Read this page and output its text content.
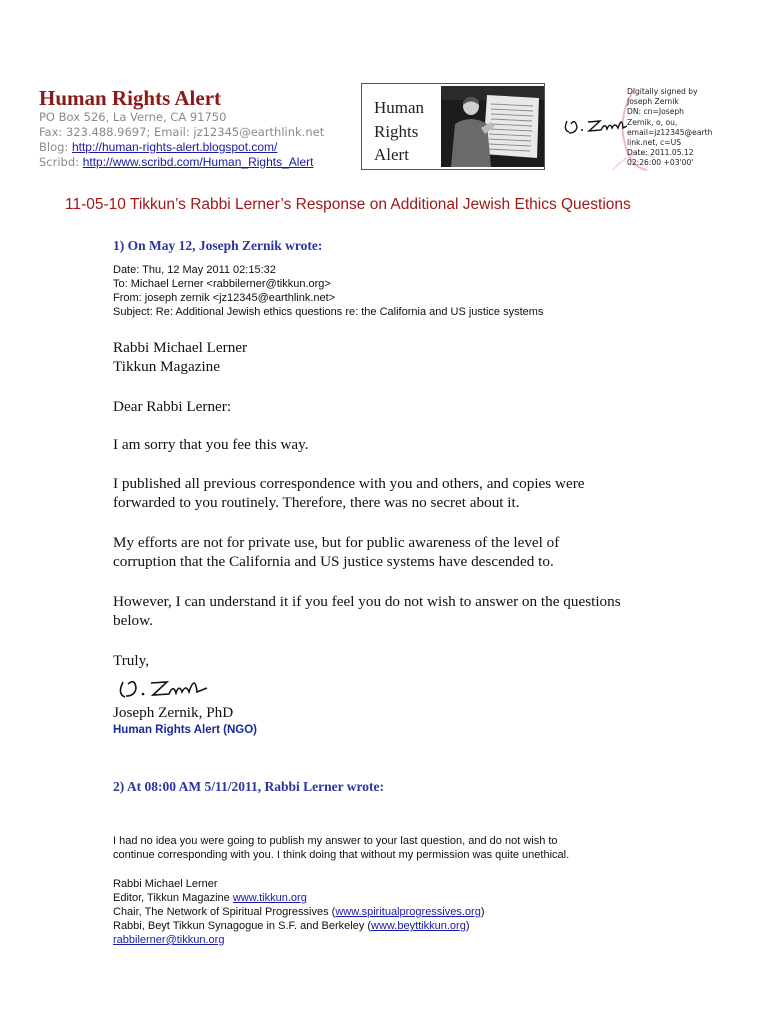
Human Rights Alert
PO Box 526, La Verne, CA 91750
Fax: 323.488.9697; Email: jz12345@earthlink.net
Blog: http://human-rights-alert.blogspot.com/
Scribd: http://www.scribd.com/Human_Rights_Alert
Human
Rights
Alert
Digitally signed by
Joseph Zernik
DN: cn=Joseph
Zernik, o, ou,
email=jz12345@earth
link.net, c=US
Date: 2011.05.12
02:26:00 +03'00'
11-05-10 Tikkun’s Rabbi Lerner’s Response on Additional Jewish Ethics Questions
1) On May 12, Joseph Zernik wrote:
Date: Thu, 12 May 2011 02:15:32
To: Michael Lerner <rabbilerner@tikkun.org>
From: joseph zernik <jz12345@earthlink.net>
Subject: Re: Additional Jewish ethics questions re: the California and US justice systems
Rabbi Michael Lerner
Tikkun Magazine
Dear Rabbi Lerner:
I am sorry that you fee this way.
I published all previous correspondence with you and others, and copies were
forwarded to you routinely. Therefore, there was no secret about it.
My efforts are not for private use, but for public awareness of the level of
corruption that the California and US justice systems have descended to.
However, I can understand it if you feel you do not wish to answer on the questions
below.
Truly,
Joseph Zernik, PhD
Human Rights Alert (NGO)
2) At 08:00 AM 5/11/2011, Rabbi Lerner wrote:
I had no idea you were going to publish my answer to your last question, and do not wish to
continue corresponding with you. I think doing that without my permission was quite unethical.
Rabbi Michael Lerner
Editor, Tikkun Magazine www.tikkun.org
Chair, The Network of Spiritual Progressives (www.spiritualprogressives.org)
Rabbi, Beyt Tikkun Synagogue in S.F. and Berkeley (www.beyttikkun.org)
rabbilerner@tikkun.org
